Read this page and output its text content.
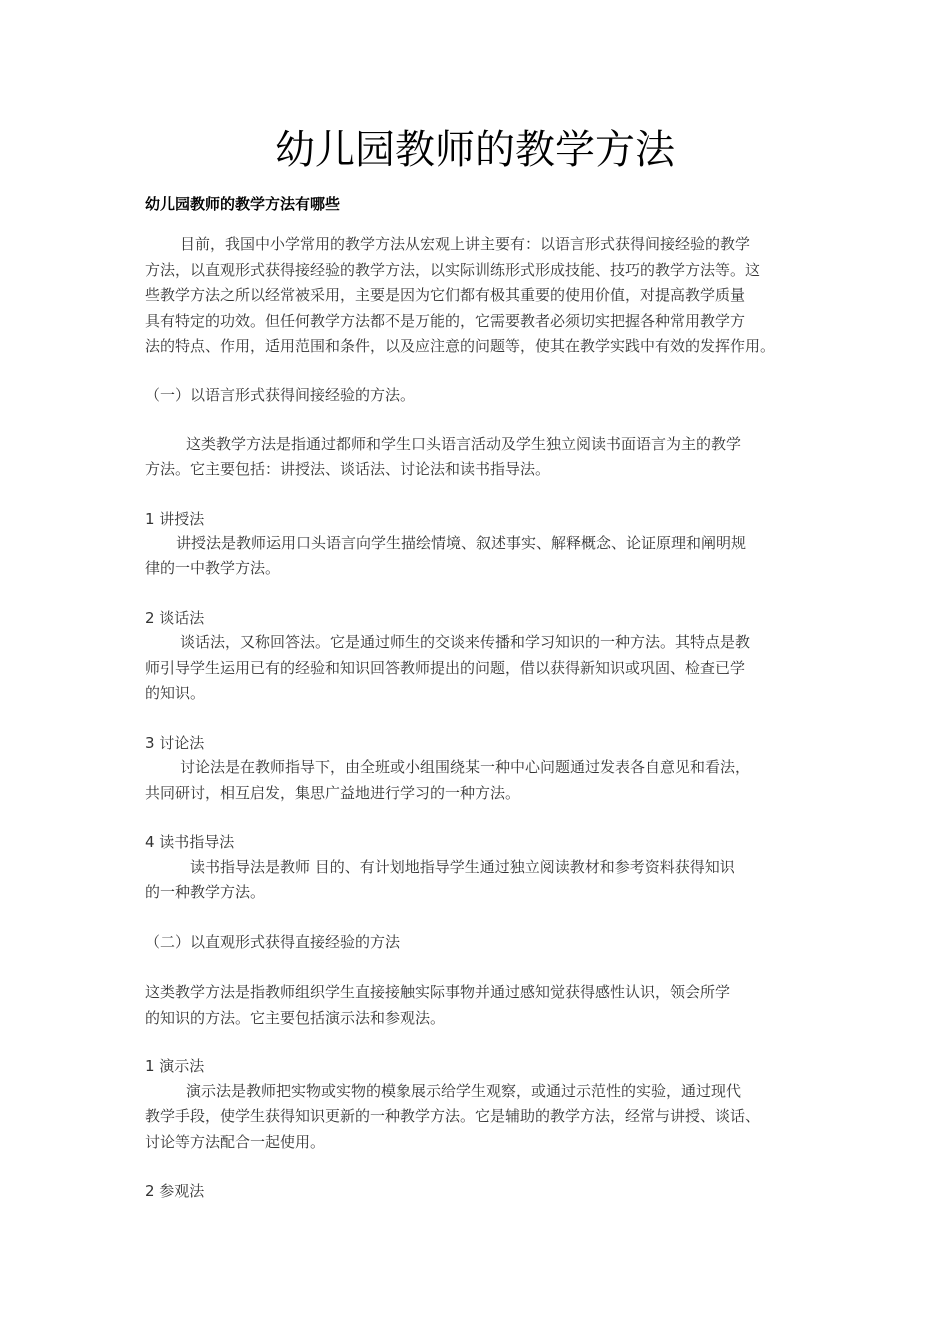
幼儿园教师的教学方法
幼儿园教师的教学方法有哪些
目前，我国中小学常用的教学方法从宏观上讲主要有：以语言形式获得间接经验的教学
方法，以直观形式获得接经验的教学方法，以实际训练形式形成技能、技巧的教学方法等。这
些教学方法之所以经常被采用，主要是因为它们都有极其重要的使用价值，对提高教学质量
具有特定的功效。但任何教学方法都不是万能的，它需要教者必须切实把握各种常用教学方
法的特点、作用，适用范围和条件，以及应注意的问题等，使其在教学实践中有效的发挥作用。
（一）以语言形式获得间接经验的方法。
这类教学方法是指通过都师和学生口头语言活动及学生独立阅读书面语言为主的教学
方法。它主要包括：讲授法、谈话法、讨论法和读书指导法。
1 讲授法
讲授法是教师运用口头语言向学生描绘情境、叙述事实、解释概念、论证原理和阐明规
律的一中教学方法。
2 谈话法
谈话法，又称回答法。它是通过师生的交谈来传播和学习知识的一种方法。其特点是教
师引导学生运用已有的经验和知识回答教师提出的问题，借以获得新知识或巩固、检查已学
的知识。
3 讨论法
讨论法是在教师指导下，由全班或小组围绕某一种中心问题通过发表各自意见和看法，
共同研讨，相互启发，集思广益地进行学习的一种方法。
4 读书指导法
读书指导法是教师 目的、有计划地指导学生通过独立阅读教材和参考资料获得知识
的一种教学方法。
（二）以直观形式获得直接经验的方法
这类教学方法是指教师组织学生直接接触实际事物并通过感知觉获得感性认识，领会所学
的知识的方法。它主要包括演示法和参观法。
1 演示法
演示法是教师把实物或实物的模象展示给学生观察，或通过示范性的实验，通过现代
教学手段，使学生获得知识更新的一种教学方法。它是辅助的教学方法，经常与讲授、谈话、
讨论等方法配合一起使用。
2 参观法
